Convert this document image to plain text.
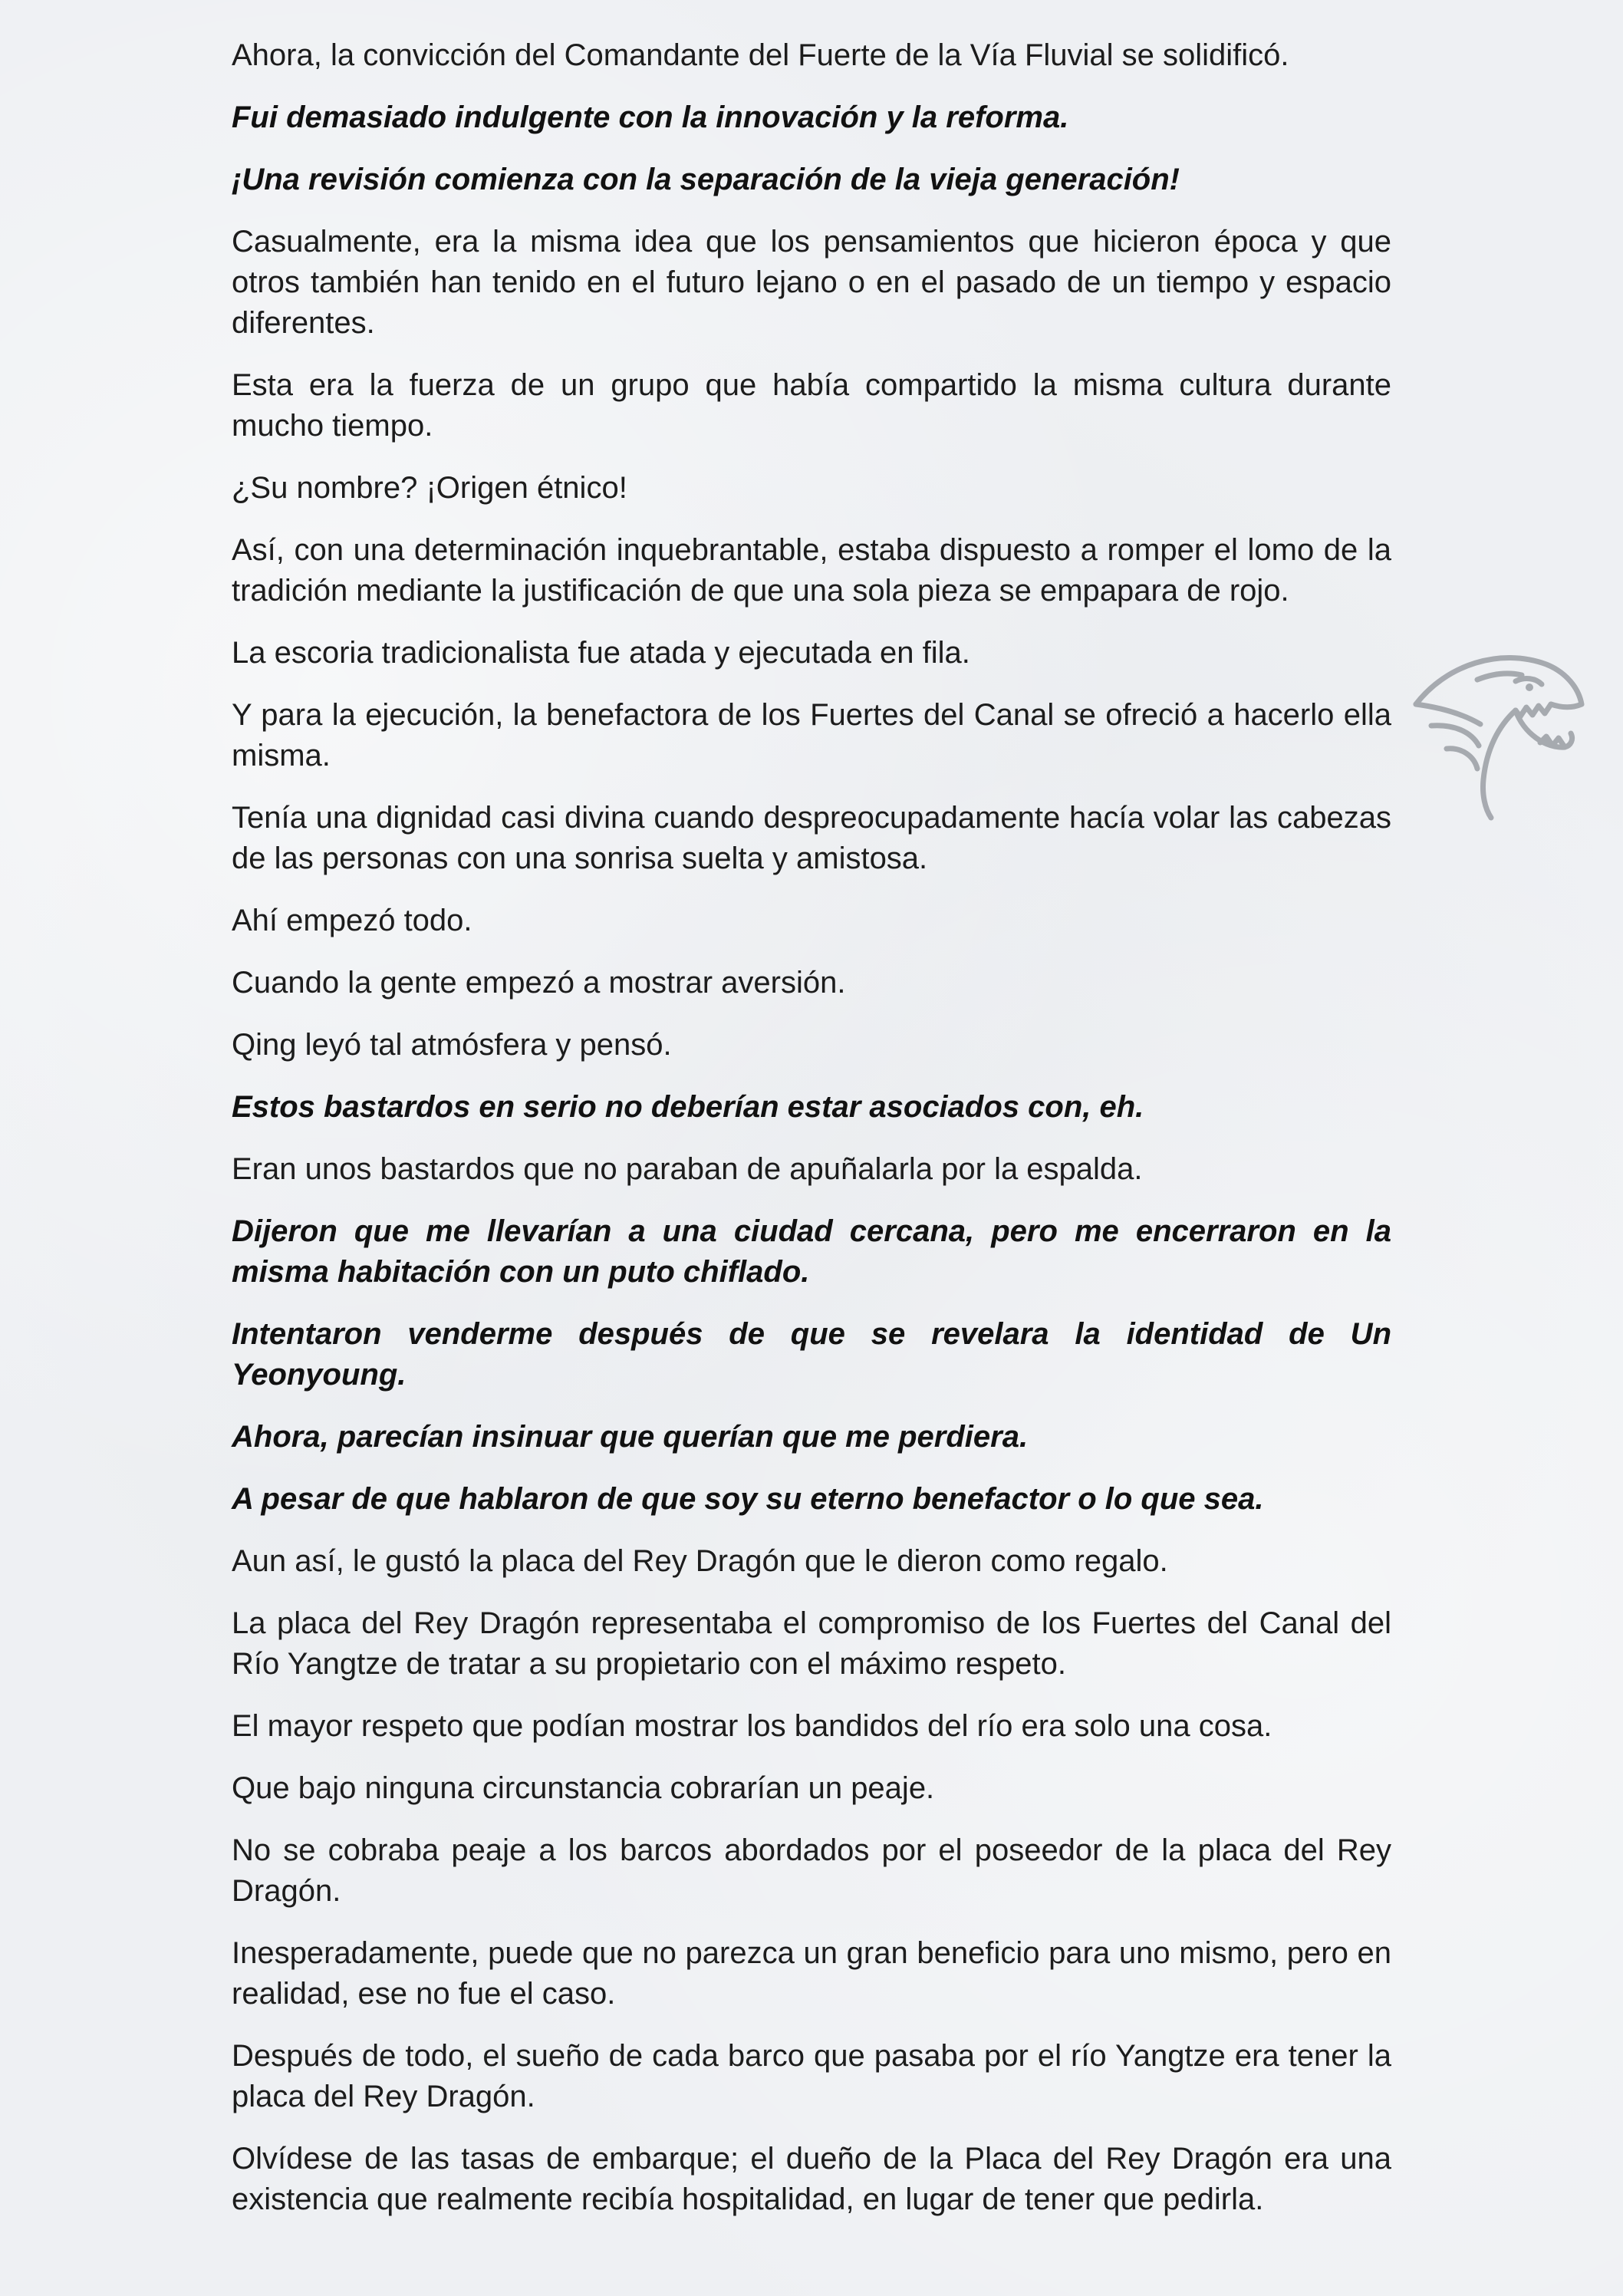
Ahora, la convicción del Comandante del Fuerte de la Vía Fluvial se solidificó.

Fui demasiado indulgente con la innovación y la reforma.

¡Una revisión comienza con la separación de la vieja generación!

Casualmente, era la misma idea que los pensamientos que hicieron época y que otros también han tenido en el futuro lejano o en el pasado de un tiempo y espacio diferentes.

Esta era la fuerza de un grupo que había compartido la misma cultura durante mucho tiempo.

¿Su nombre? ¡Origen étnico!

Así, con una determinación inquebrantable, estaba dispuesto a romper el lomo de la tradición mediante la justificación de que una sola pieza se empapara de rojo.

La escoria tradicionalista fue atada y ejecutada en fila.

Y para la ejecución, la benefactora de los Fuertes del Canal se ofreció a hacerlo ella misma.

Tenía una dignidad casi divina cuando despreocupadamente hacía volar las cabezas de las personas con una sonrisa suelta y amistosa.

Ahí empezó todo.

Cuando la gente empezó a mostrar aversión.

Qing leyó tal atmósfera y pensó.

Estos bastardos en serio no deberían estar asociados con, eh.

Eran unos bastardos que no paraban de apuñalarla por la espalda.

Dijeron que me llevarían a una ciudad cercana, pero me encerraron en la misma habitación con un puto chiflado.

Intentaron venderme después de que se revelara la identidad de Un Yeonyoung.

Ahora, parecían insinuar que querían que me perdiera.

A pesar de que hablaron de que soy su eterno benefactor o lo que sea.

Aun así, le gustó la placa del Rey Dragón que le dieron como regalo.

La placa del Rey Dragón representaba el compromiso de los Fuertes del Canal del Río Yangtze de tratar a su propietario con el máximo respeto.

El mayor respeto que podían mostrar los bandidos del río era solo una cosa.

Que bajo ninguna circunstancia cobrarían un peaje.

No se cobraba peaje a los barcos abordados por el poseedor de la placa del Rey Dragón.

Inesperadamente, puede que no parezca un gran beneficio para uno mismo, pero en realidad, ese no fue el caso.

Después de todo, el sueño de cada barco que pasaba por el río Yangtze era tener la placa del Rey Dragón.

Olvídese de las tasas de embarque; el dueño de la Placa del Rey Dragón era una existencia que realmente recibía hospitalidad, en lugar de tener que pedirla.
